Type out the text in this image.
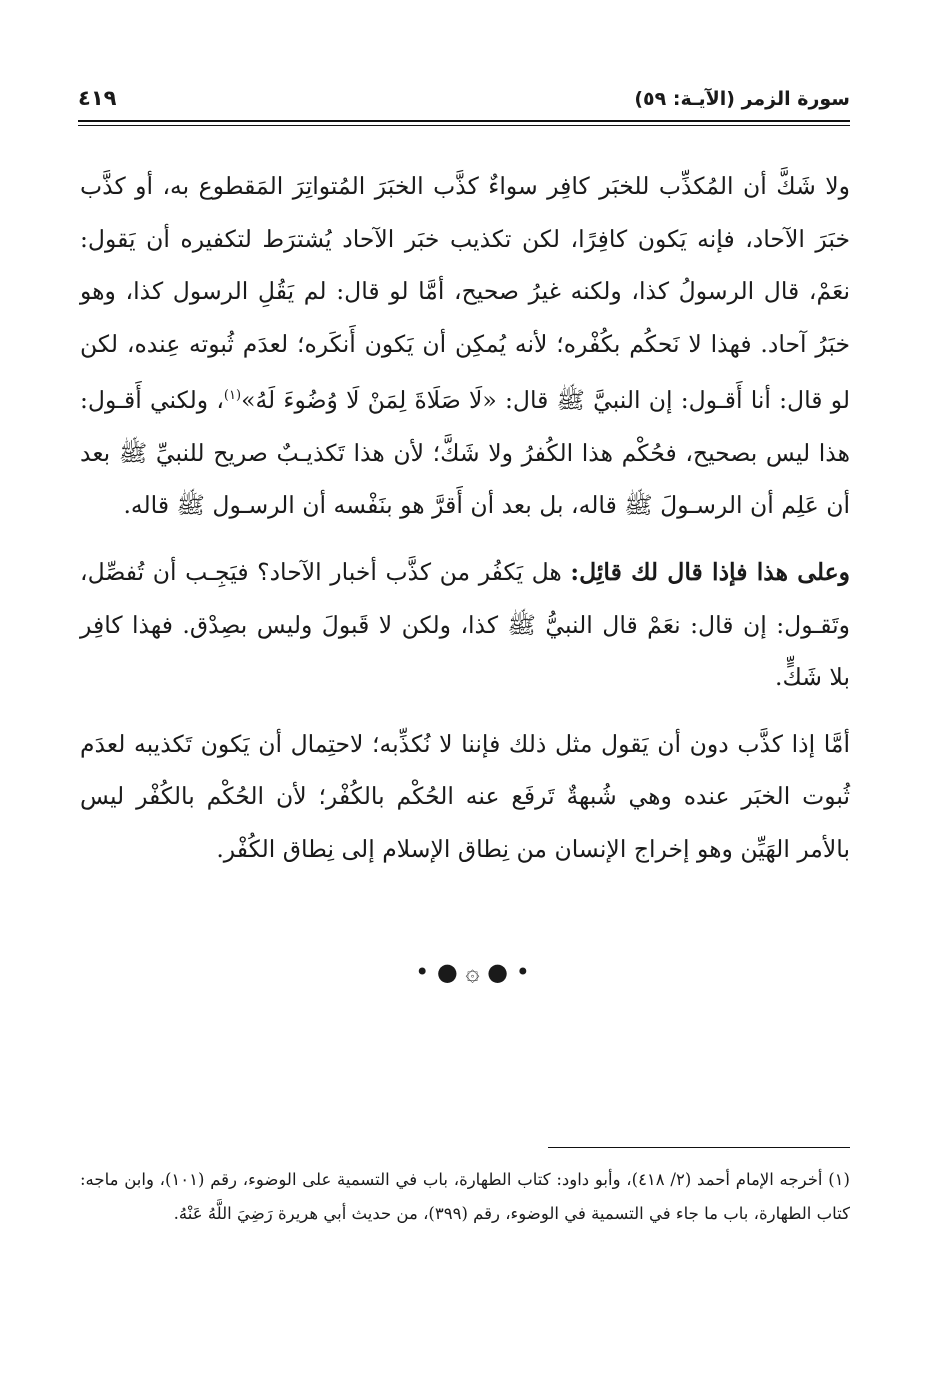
سورة الزمر (الآيـة: ٥٩)
٤١٩

ولا شَكَّ أن المُكذِّب للخبَر كافِر سواءٌ كذَّب الخبَرَ المُتواتِرَ المَقطوع به، أو كذَّب خبَرَ الآحاد، فإنه يَكون كافِرًا، لكن تكذيب خبَر الآحاد يُشترَط لتكفيره أن يَقول: نعَمْ، قال الرسولُ كذا، ولكنه غيرُ صحيح، أمَّا لو قال: لم يَقُلِ الرسول كذا، وهو خبَرُ آحاد. فهذا لا نَحكُم بكُفْره؛ لأنه يُمكِن أن يَكون أَنكَره؛ لعدَم ثُبوته عِنده، لكن لو قال: أنا أَقـول: إن النبيَّ ﷺ قال: «لَا صَلَاةَ لِمَنْ لَا وُضُوءَ لَهُ»$^{(١)}$، ولكني أَقـول: هذا ليس بصحيح، فحُكْم هذا الكُفرُ ولا شَكَّ؛ لأن هذا تَكذيـبٌ صريح للنبيِّ ﷺ بعد أن عَلِم أن الرسـولَ ﷺ قاله، بل بعد أن أَقرَّ هو بنَفْسه أن الرسـول ﷺ قاله.

وعلى هذا فإذا قال لك قائِل: هل يَكفُر من كذَّب أخبار الآحاد؟ فيَجِـب أن تُفصِّل، وتَقـول: إن قال: نعَمْ قال النبيُّ ﷺ كذا، ولكن لا قَبولَ وليس بصِدْق. فهذا كافِر بلا شَكٍّ.

أمَّا إذا كذَّب دون أن يَقول مثل ذلك فإننا لا نُكذِّبه؛ لاحتِمال أن يَكون تَكذيبه لعدَم ثُبوت الخبَر عنده وهي شُبهةٌ تَرفَع عنه الحُكْم بالكُفْر؛ لأن الحُكْم بالكُفْر ليس بالأمر الهَيِّن وهو إخراج الإنسان من نِطاق الإسلام إلى نِطاق الكُفْر.

• ● ۞ ● •

(١) أخرجه الإمام أحمد (٢/ ٤١٨)، وأبو داود: كتاب الطهارة، باب في التسمية على الوضوء، رقم (١٠١)، وابن ماجه: كتاب الطهارة، باب ما جاء في التسمية في الوضوء، رقم (٣٩٩)، من حديث أبي هريرة رَضِيَ اللَّهُ عَنْهُ.
